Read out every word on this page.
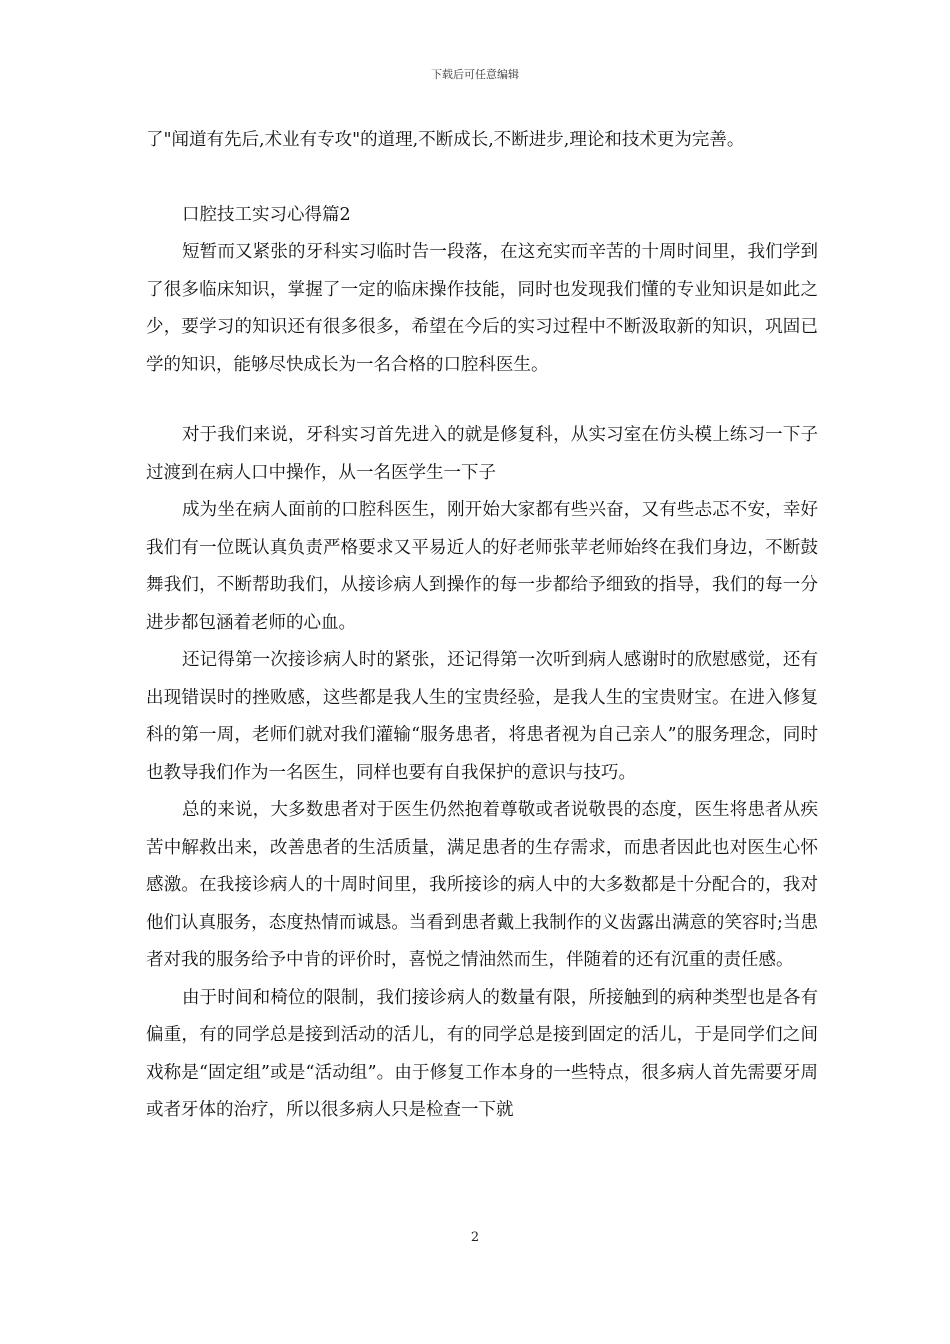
下载后可任意编辑

了"闻道有先后,术业有专攻"的道理,不断成长,不断进步,理论和技术更为完善。

口腔技工实习心得篇2

短暂而又紧张的牙科实习临时告一段落，在这充实而辛苦的十周时间里，我们学到了很多临床知识，掌握了一定的临床操作技能，同时也发现我们懂的专业知识是如此之少，要学习的知识还有很多很多，希望在今后的实习过程中不断汲取新的知识，巩固已学的知识，能够尽快成长为一名合格的口腔科医生。

对于我们来说，牙科实习首先进入的就是修复科，从实习室在仿头模上练习一下子过渡到在病人口中操作，从一名医学生一下子

成为坐在病人面前的口腔科医生，刚开始大家都有些兴奋，又有些忐忑不安，幸好我们有一位既认真负责严格要求又平易近人的好老师张苹老师始终在我们身边，不断鼓舞我们，不断帮助我们，从接诊病人到操作的每一步都给予细致的指导，我们的每一分进步都包涵着老师的心血。

还记得第一次接诊病人时的紧张，还记得第一次听到病人感谢时的欣慰感觉，还有出现错误时的挫败感，这些都是我人生的宝贵经验，是我人生的宝贵财宝。在进入修复科的第一周，老师们就对我们灌输“服务患者，将患者视为自己亲人”的服务理念，同时也教导我们作为一名医生，同样也要有自我保护的意识与技巧。

总的来说，大多数患者对于医生仍然抱着尊敬或者说敬畏的态度，医生将患者从疾苦中解救出来，改善患者的生活质量，满足患者的生存需求，而患者因此也对医生心怀感激。在我接诊病人的十周时间里，我所接诊的病人中的大多数都是十分配合的，我对他们认真服务，态度热情而诚恳。当看到患者戴上我制作的义齿露出满意的笑容时;当患者对我的服务给予中肯的评价时，喜悦之情油然而生，伴随着的还有沉重的责任感。

由于时间和椅位的限制，我们接诊病人的数量有限，所接触到的病种类型也是各有偏重，有的同学总是接到活动的活儿，有的同学总是接到固定的活儿，于是同学们之间戏称是“固定组”或是“活动组”。由于修复工作本身的一些特点，很多病人首先需要牙周或者牙体的治疗，所以很多病人只是检查一下就

2
